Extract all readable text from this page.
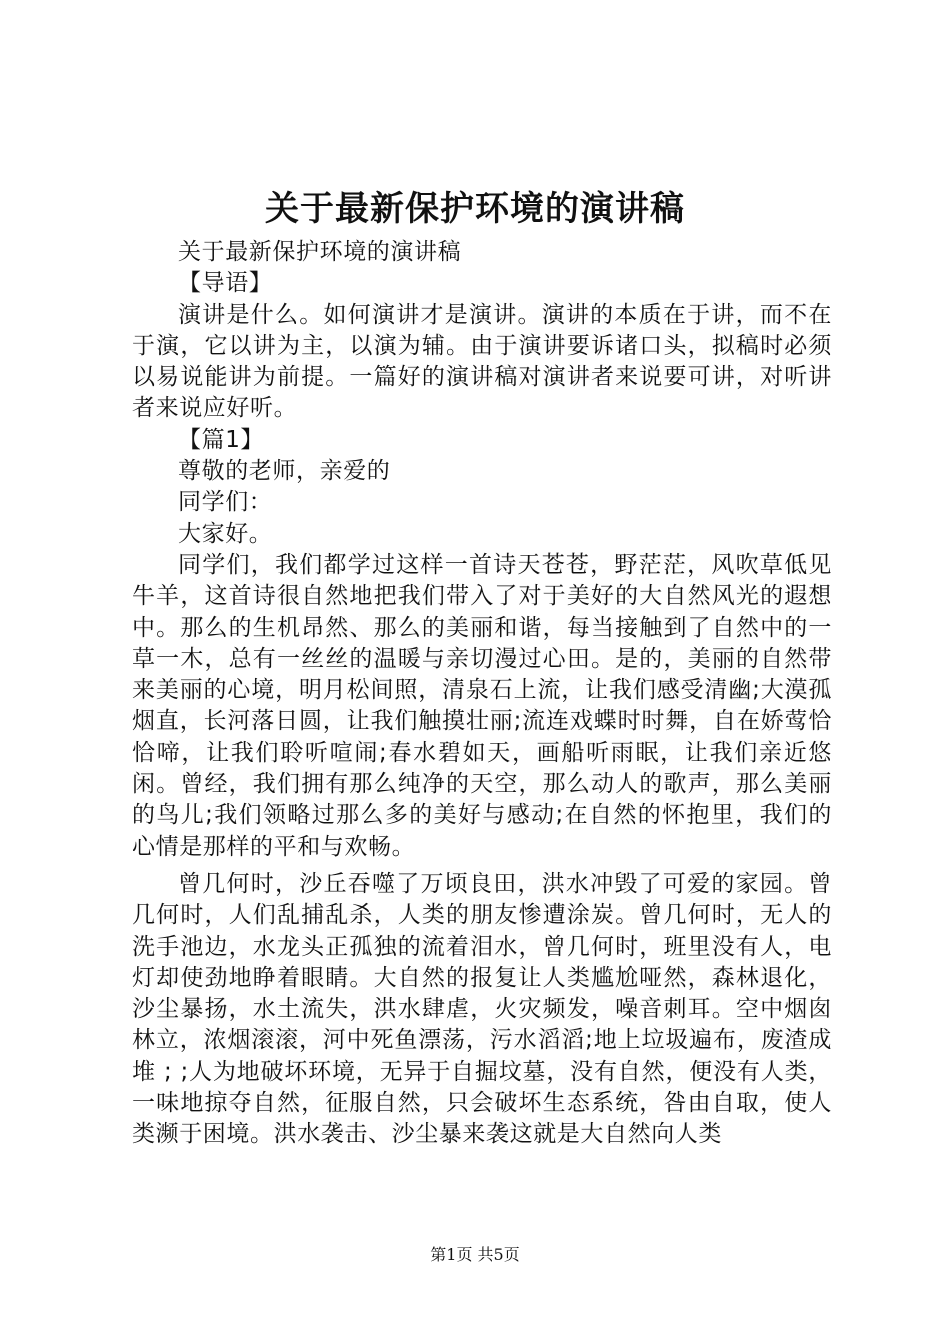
关于最新保护环境的演讲稿

关于最新保护环境的演讲稿

【导语】

演讲是什么。如何演讲才是演讲。演讲的本质在于讲，而不在于演，它以讲为主，以演为辅。由于演讲要诉诸口头，拟稿时必须以易说能讲为前提。一篇好的演讲稿对演讲者来说要可讲，对听讲者来说应好听。

【篇1】

尊敬的老师，亲爱的

同学们：

大家好。

同学们，我们都学过这样一首诗天苍苍，野茫茫，风吹草低见牛羊，这首诗很自然地把我们带入了对于美好的大自然风光的遐想中。那么的生机昂然、那么的美丽和谐，每当接触到了自然中的一草一木，总有一丝丝的温暖与亲切漫过心田。是的，美丽的自然带来美丽的心境，明月松间照，清泉石上流，让我们感受清幽;大漠孤烟直，长河落日圆，让我们触摸壮丽;流连戏蝶时时舞，自在娇莺恰恰啼，让我们聆听喧闹;春水碧如天，画船听雨眠，让我们亲近悠闲。曾经，我们拥有那么纯净的天空，那么动人的歌声，那么美丽的鸟儿;我们领略过那么多的美好与感动;在自然的怀抱里，我们的心情是那样的平和与欢畅。

曾几何时，沙丘吞噬了万顷良田，洪水冲毁了可爱的家园。曾几何时，人们乱捕乱杀，人类的朋友惨遭涂炭。曾几何时，无人的洗手池边，水龙头正孤独的流着泪水，曾几何时，班里没有人，电灯却使劲地睁着眼睛。大自然的报复让人类尴尬哑然，森林退化，沙尘暴扬，水土流失，洪水肆虐，火灾频发，噪音刺耳。空中烟囱林立，浓烟滚滚，河中死鱼漂荡，污水滔滔;地上垃圾遍布，废渣成堆 ; ;人为地破坏环境，无异于自掘坟墓，没有自然，便没有人类，一味地掠夺自然，征服自然，只会破坏生态系统，咎由自取，使人类濒于困境。洪水袭击、沙尘暴来袭这就是大自然向人类

第1页 共5页
